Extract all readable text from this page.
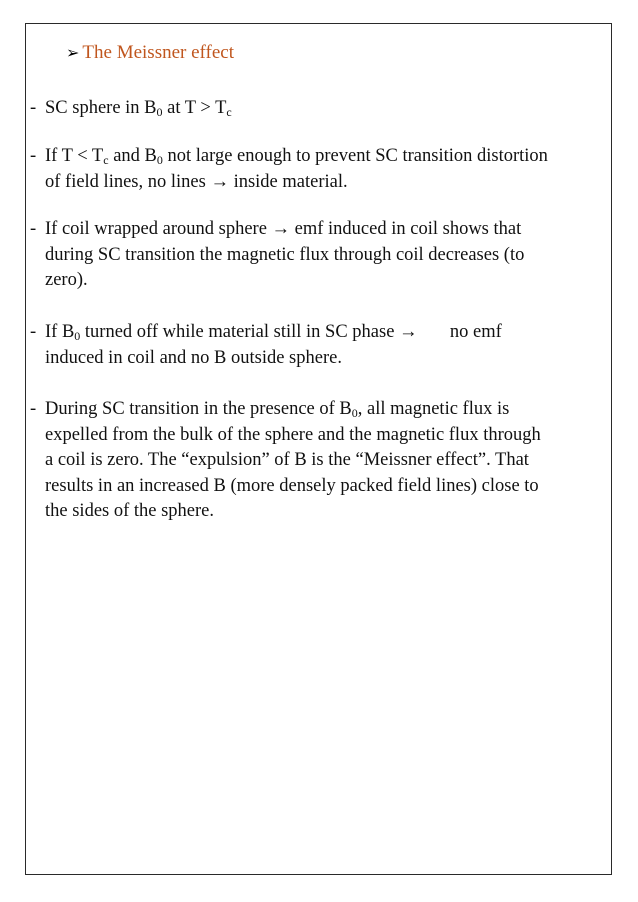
➢ The Meissner effect
- SC sphere in $B_0$ at $T > T_c$
- If $T < T_c$ and $B_0$ not large enough to prevent SC transition distortion
of field lines, no lines → inside material.
- If coil wrapped around sphere → emf induced in coil shows that
during SC transition the magnetic flux through coil decreases (to
zero).
- If $B_0$ turned off while material still in SC phase →       no emf
induced in coil and no B outside sphere.
- During SC transition in the presence of $B_0$, all magnetic flux is
expelled from the bulk of the sphere and the magnetic flux through
a coil is zero. The “expulsion” of B is the “Meissner effect”. That
results in an increased B (more densely packed field lines) close to
the sides of the sphere.
